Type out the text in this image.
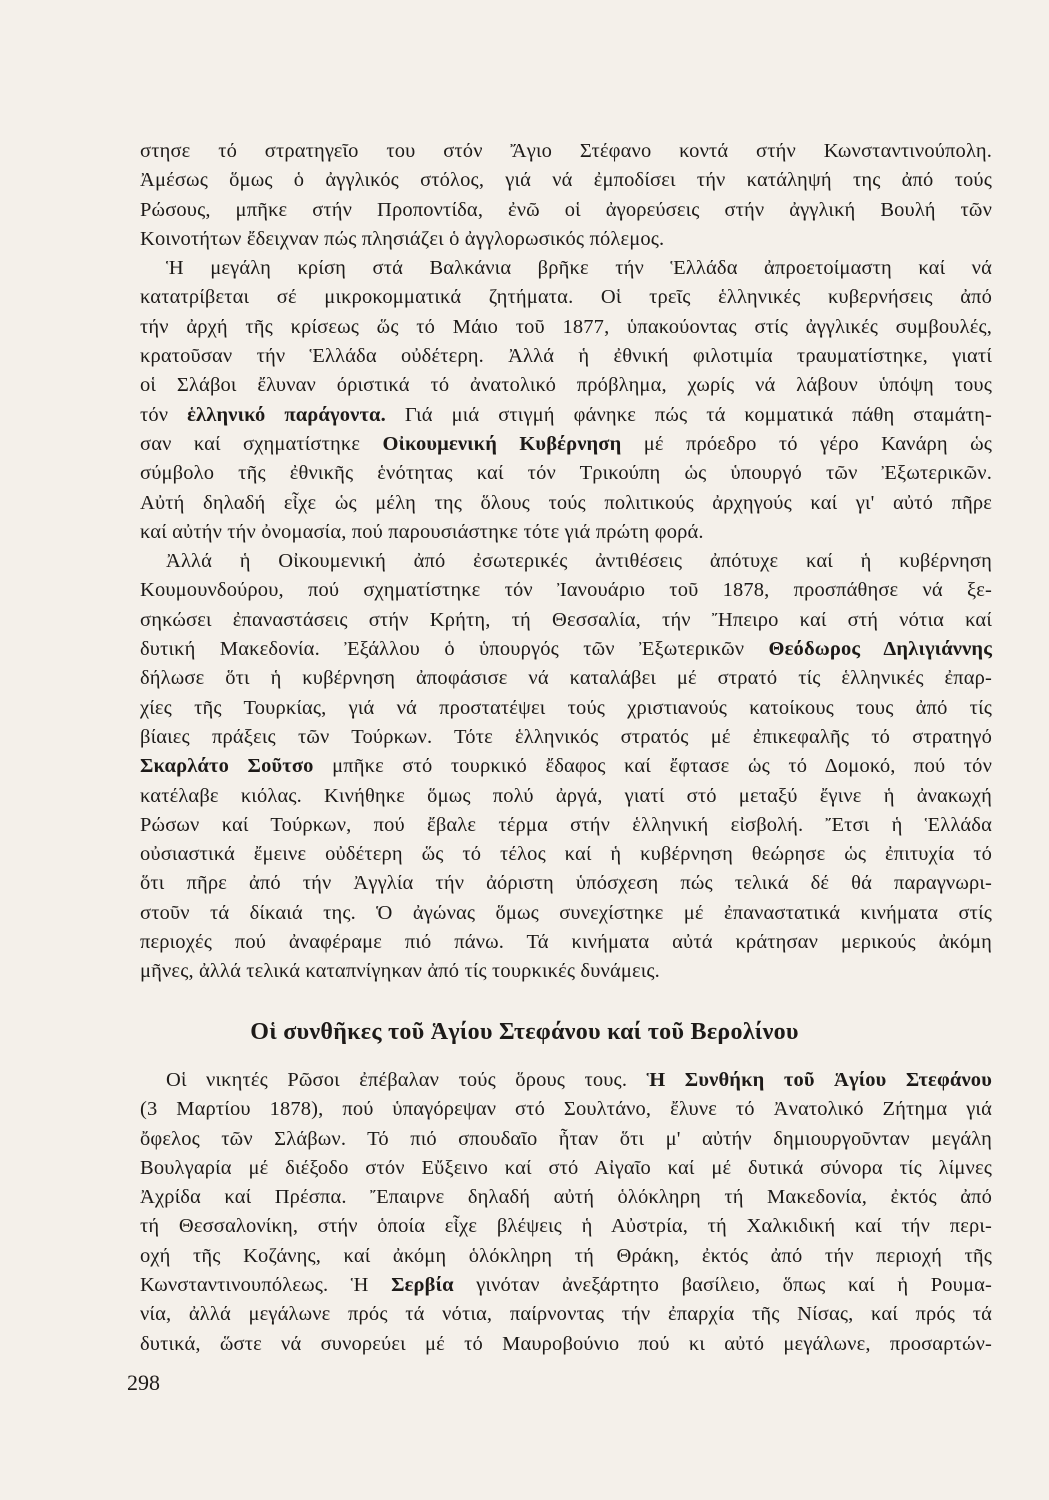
στησε τό στρατηγεῖο του στόν Ἄγιο Στέφανο κοντά στήν Κωνσταντινούπολη.
Ἀμέσως ὅμως ὁ ἀγγλικός στόλος, γιά νά ἐμποδίσει τήν κατάληψή της ἀπό τούς
Ρώσους, μπῆκε στήν Προποντίδα, ἐνῶ οἱ ἀγορεύσεις στήν ἀγγλική Βουλή τῶν
Κοινοτήτων ἔδειχναν πώς πλησιάζει ὁ ἀγγλορωσικός πόλεμος.
Ἡ μεγάλη κρίση στά Βαλκάνια βρῆκε τήν Ἑλλάδα ἀπροετοίμαστη καί νά
κατατρίβεται σέ μικροκομματικά ζητήματα. Οἱ τρεῖς ἑλληνικές κυβερνήσεις ἀπό
τήν ἀρχή τῆς κρίσεως ὥς τό Μάιο τοῦ 1877, ὑπακούοντας στίς ἀγγλικές συμβουλές,
κρατοῦσαν τήν Ἑλλάδα οὐδέτερη. Ἀλλά ἡ ἐθνική φιλοτιμία τραυματίστηκε, γιατί
οἱ Σλάβοι ἔλυναν όριστικά τό ἀνατολικό πρόβλημα, χωρίς νά λάβουν ὑπόψη τους
τόν ἑλληνικό παράγοντα. Γιά μιά στιγμή φάνηκε πώς τά κομματικά πάθη σταμάτη-
σαν καί σχηματίστηκε Οἰκουμενική Κυβέρνηση μέ πρόεδρο τό γέρο Κανάρη ὡς
σύμβολο τῆς ἐθνικῆς ἑνότητας καί τόν Τρικούπη ὡς ὑπουργό τῶν Ἐξωτερικῶν.
Αὐτή δηλαδή εἶχε ὡς μέλη της ὅλους τούς πολιτικούς ἀρχηγούς καί γι' αὐτό πῆρε
καί αὐτήν τήν ὀνομασία, πού παρουσιάστηκε τότε γιά πρώτη φορά.
Ἀλλά ἡ Οἰκουμενική ἀπό ἐσωτερικές ἀντιθέσεις ἀπότυχε καί ἡ κυβέρνηση
Κουμουνδούρου, πού σχηματίστηκε τόν Ἰανουάριο τοῦ 1878, προσπάθησε νά ξε-
σηκώσει ἐπαναστάσεις στήν Κρήτη, τή Θεσσαλία, τήν Ἤπειρο καί στή νότια καί
δυτική Μακεδονία. Ἐξάλλου ὁ ὑπουργός τῶν Ἐξωτερικῶν Θεόδωρος Δηλιγιάννης
δήλωσε ὅτι ἡ κυβέρνηση ἀποφάσισε νά καταλάβει μέ στρατό τίς ἑλληνικές ἐπαρ-
χίες τῆς Τουρκίας, γιά νά προστατέψει τούς χριστιανούς κατοίκους τους ἀπό τίς
βίαιες πράξεις τῶν Τούρκων. Τότε ἑλληνικός στρατός μέ ἐπικεφαλῆς τό στρατηγό
Σκαρλάτο Σοῦτσο μπῆκε στό τουρκικό ἔδαφος καί ἔφτασε ὡς τό Δομοκό, πού τόν
κατέλαβε κιόλας. Κινήθηκε ὅμως πολύ ἀργά, γιατί στό μεταξύ ἔγινε ἡ ἀνακωχή
Ρώσων καί Τούρκων, πού ἔβαλε τέρμα στήν ἑλληνική εἰσβολή. Ἔτσι ἡ Ἑλλάδα
οὐσιαστικά ἔμεινε οὐδέτερη ὥς τό τέλος καί ἡ κυβέρνηση θεώρησε ὡς ἐπιτυχία τό
ὅτι πῆρε ἀπό τήν Ἀγγλία τήν ἀόριστη ὑπόσχεση πώς τελικά δέ θά παραγνωρι-
στοῦν τά δίκαιά της. Ὁ ἀγώνας ὅμως συνεχίστηκε μέ ἐπαναστατικά κινήματα στίς
περιοχές πού ἀναφέραμε πιό πάνω. Τά κινήματα αὐτά κράτησαν μερικούς ἀκόμη
μῆνες, ἀλλά τελικά καταπνίγηκαν ἀπό τίς τουρκικές δυνάμεις.
Οἱ συνθῆκες τοῦ Ἁγίου Στεφάνου καί τοῦ Βερολίνου
Οἱ νικητές Ρῶσοι ἐπέβαλαν τούς ὅρους τους. Ἡ Συνθήκη τοῦ Ἁγίου Στεφάνου
(3 Μαρτίου 1878), πού ὑπαγόρεψαν στό Σουλτάνο, ἔλυνε τό Ἀνατολικό Ζήτημα γιά
ὄφελος τῶν Σλάβων. Τό πιό σπουδαῖο ἦταν ὅτι μ' αὐτήν δημιουργοῦνταν μεγάλη
Βουλγαρία μέ διέξοδο στόν Εὔξεινο καί στό Αἰγαῖο καί μέ δυτικά σύνορα τίς λίμνες
Ἀχρίδα καί Πρέσπα. Ἔπαιρνε δηλαδή αὐτή ὁλόκληρη τή Μακεδονία, ἐκτός ἀπό
τή Θεσσαλονίκη, στήν ὁποία εἶχε βλέψεις ἡ Αὐστρία, τή Χαλκιδική καί τήν περι-
οχή τῆς Κοζάνης, καί ἀκόμη ὁλόκληρη τή Θράκη, ἐκτός ἀπό τήν περιοχή τῆς
Κωνσταντινουπόλεως. Ἡ Σερβία γινόταν ἀνεξάρτητο βασίλειο, ὅπως καί ἡ Ρουμα-
νία, ἀλλά μεγάλωνε πρός τά νότια, παίρνοντας τήν ἐπαρχία τῆς Νίσας, καί πρός τά
δυτικά, ὥστε νά συνορεύει μέ τό Μαυροβούνιο πού κι αὐτό μεγάλωνε, προσαρτών-
298
